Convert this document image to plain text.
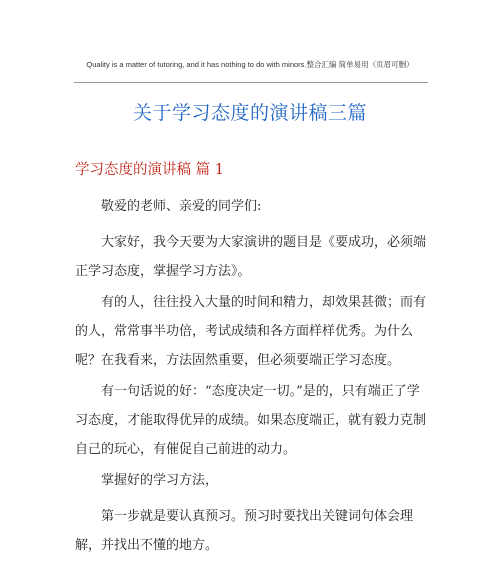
Quality is a matter of tutoring, and it has nothing to do with minors.整合汇编 简单易用（页眉可删）
关于学习态度的演讲稿三篇
学习态度的演讲稿 篇 1

敬爱的老师、亲爱的同学们:

大家好，我今天要为大家演讲的题目是《要成功，必须端正学习态度，掌握学习方法》。

有的人，往往投入大量的时间和精力，却效果甚微；而有的人，常常事半功倍，考试成绩和各方面样样优秀。为什么呢？在我看来，方法固然重要，但必须要端正学习态度。

有一句话说的好：“态度决定一切。”是的，只有端正了学习态度，才能取得优异的成绩。如果态度端正，就有毅力克制自己的玩心，有催促自己前进的动力。

掌握好的学习方法，

第一步就是要认真预习。预习时要找出关键词句体会理解，并找出不懂的地方。
